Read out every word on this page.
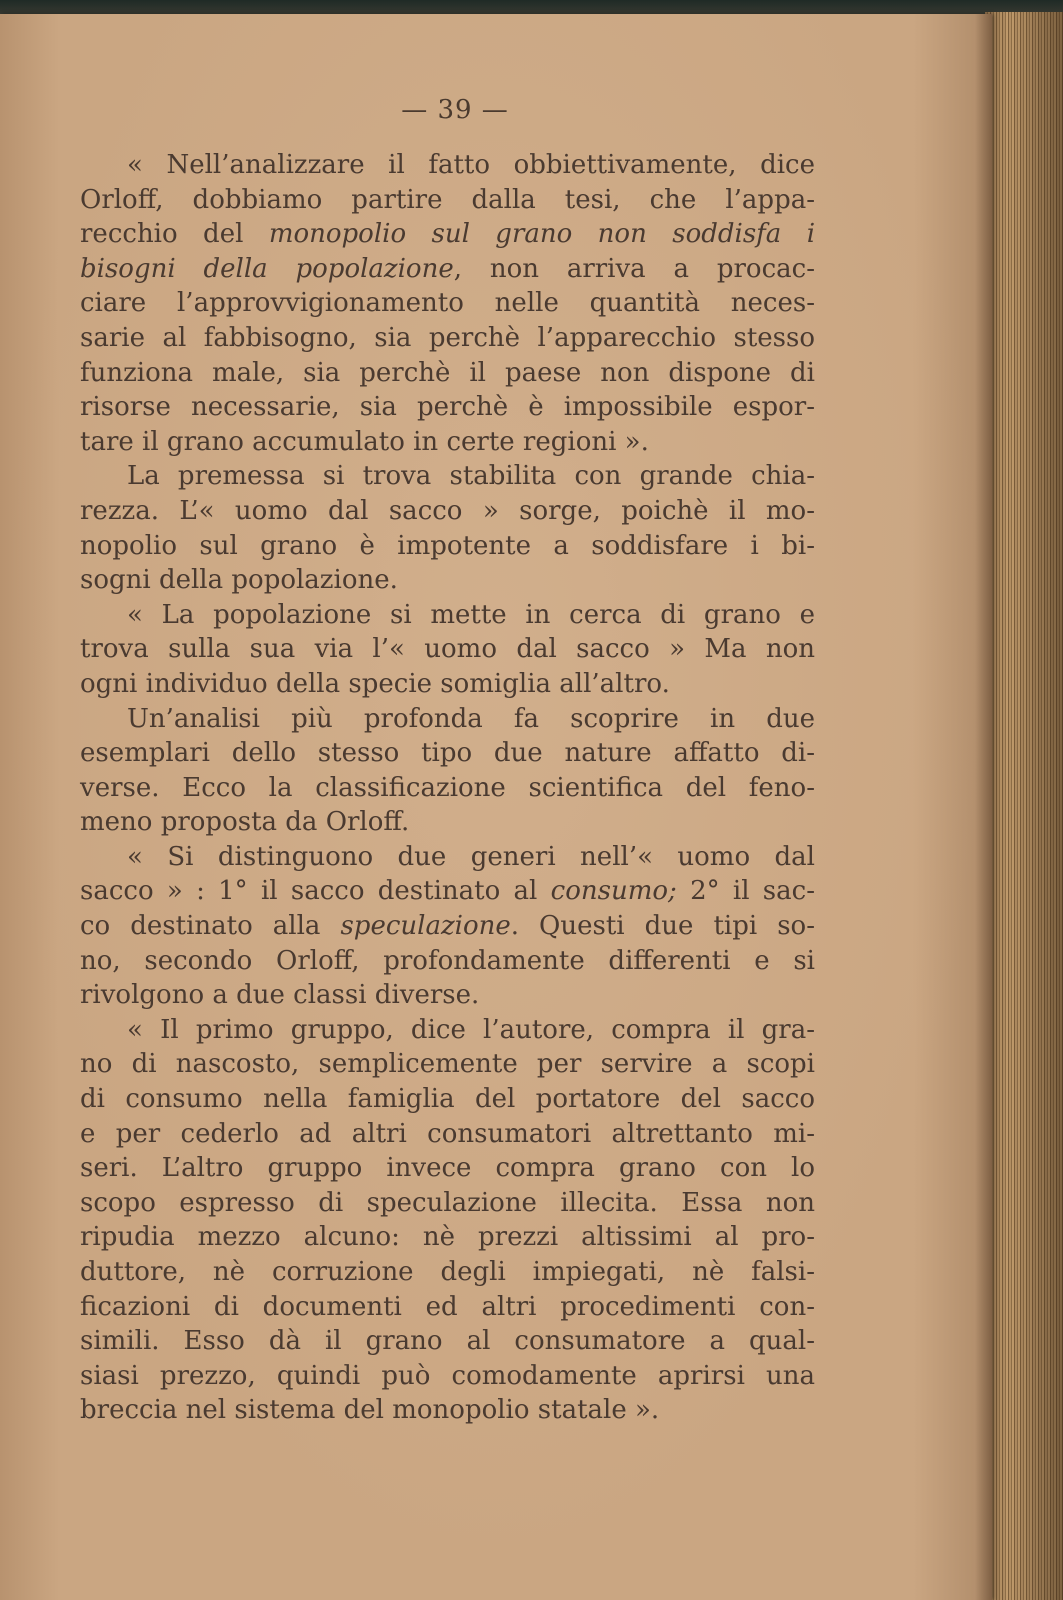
— 39 —
« Nell’analizzare il fatto obbiettivamente, dice
Orloff, dobbiamo partire dalla tesi, che l’appa-
recchio del monopolio sul grano non soddisfa i
bisogni della popolazione, non arriva a procac-
ciare l’approvvigionamento nelle quantità neces-
sarie al fabbisogno, sia perchè l’apparecchio stesso
funziona male, sia perchè il paese non dispone di
risorse necessarie, sia perchè è impossibile espor-
tare il grano accumulato in certe regioni ».
La premessa si trova stabilita con grande chia-
rezza. L’« uomo dal sacco » sorge, poichè il mo-
nopolio sul grano è impotente a soddisfare i bi-
sogni della popolazione.
« La popolazione si mette in cerca di grano e
trova sulla sua via l’« uomo dal sacco » Ma non
ogni individuo della specie somiglia all’altro.
Un’analisi più profonda fa scoprire in due
esemplari dello stesso tipo due nature affatto di-
verse. Ecco la classificazione scientifica del feno-
meno proposta da Orloff.
« Si distinguono due generi nell’« uomo dal
sacco » : 1° il sacco destinato al consumo; 2° il sac-
co destinato alla speculazione. Questi due tipi so-
no, secondo Orloff, profondamente differenti e si
rivolgono a due classi diverse.
« Il primo gruppo, dice l’autore, compra il gra-
no di nascosto, semplicemente per servire a scopi
di consumo nella famiglia del portatore del sacco
e per cederlo ad altri consumatori altrettanto mi-
seri. L’altro gruppo invece compra grano con lo
scopo espresso di speculazione illecita. Essa non
ripudia mezzo alcuno: nè prezzi altissimi al pro-
duttore, nè corruzione degli impiegati, nè falsi-
ficazioni di documenti ed altri procedimenti con-
simili. Esso dà il grano al consumatore a qual-
siasi prezzo, quindi può comodamente aprirsi una
breccia nel sistema del monopolio statale ».
